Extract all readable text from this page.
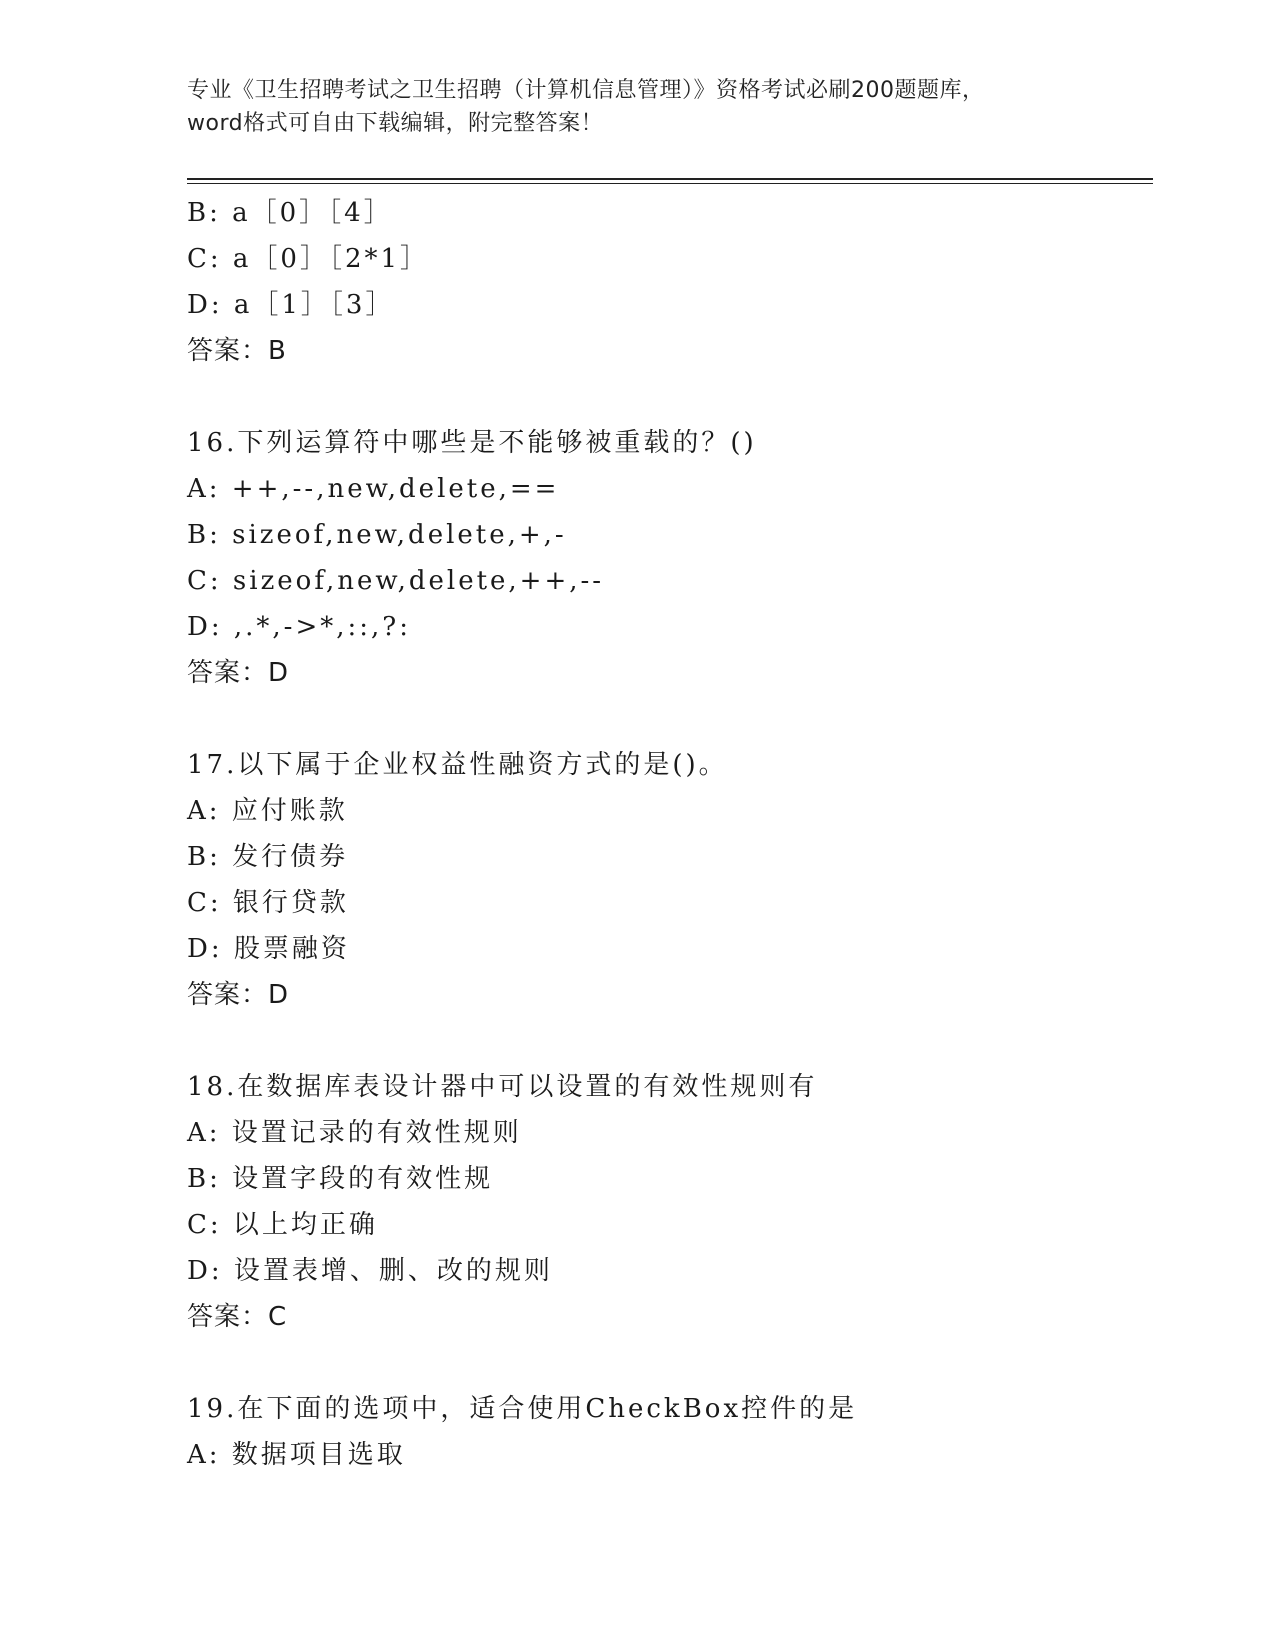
专业《卫生招聘考试之卫生招聘（计算机信息管理）》资格考试必刷200题题库，
word格式可自由下载编辑，附完整答案！
B: a［0］［4］
C: a［0］［2*1］
D: a［1］［3］
答案：B
16.下列运算符中哪些是不能够被重载的？()
A: ++,--,new,delete,==
B: sizeof,new,delete,+,-
C: sizeof,new,delete,++,--
D: ,.*,->*,::,?:
答案：D
17.以下属于企业权益性融资方式的是()。
A: 应付账款
B: 发行债券
C: 银行贷款
D: 股票融资
答案：D
18.在数据库表设计器中可以设置的有效性规则有
A: 设置记录的有效性规则
B: 设置字段的有效性规
C: 以上均正确
D: 设置表增、删、改的规则
答案：C
19.在下面的选项中，适合使用CheckBox控件的是
A: 数据项目选取
